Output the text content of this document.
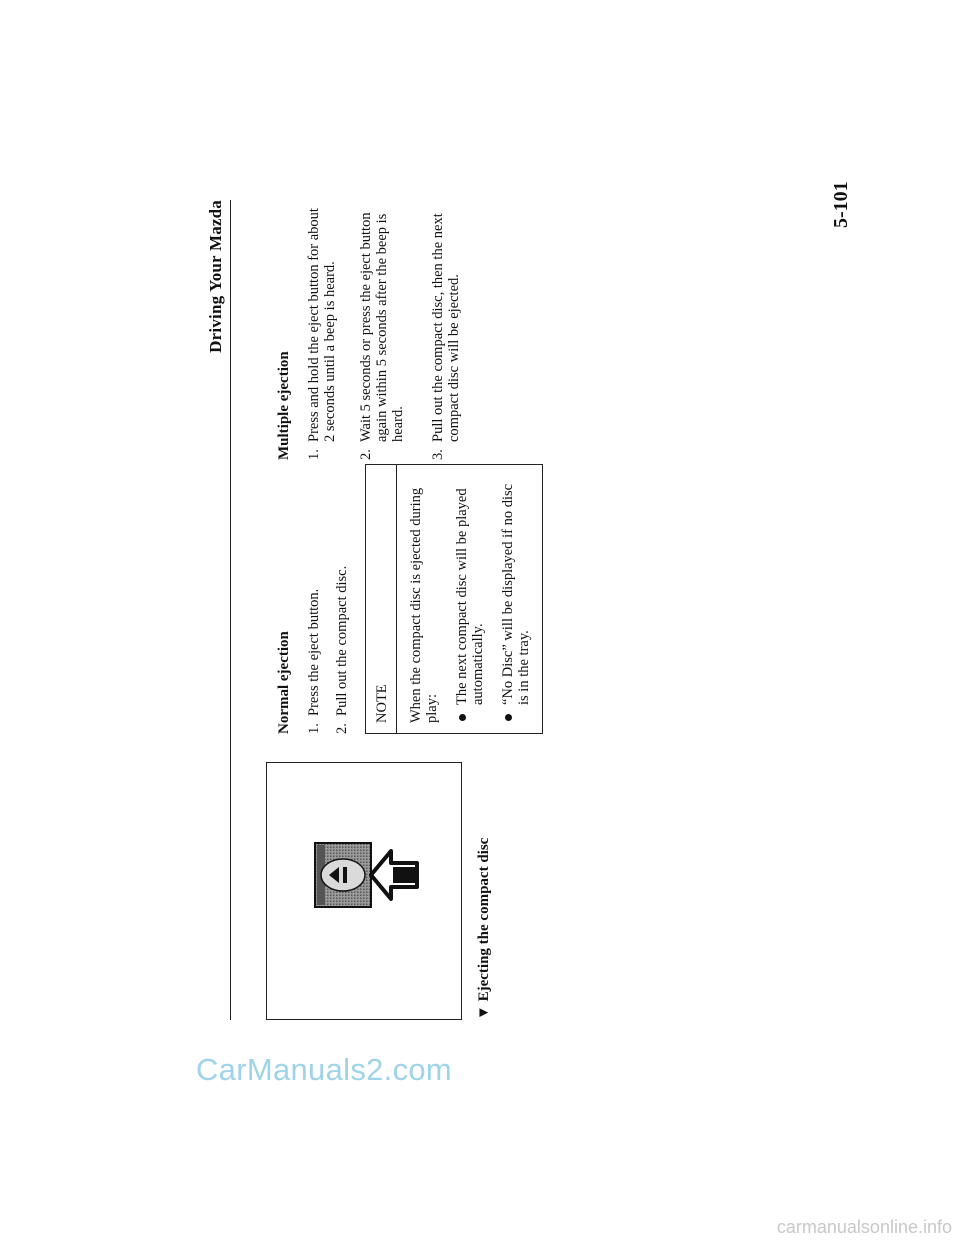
Driving Your Mazda
▼ Ejecting the compact disc
Normal ejection 1.
Press the eject button.
2.
Pull out the compact disc. NOTE When the compact disc is ejected during play:
The next compact disc will be played automatically. “No Disc” will be displayed if no disc is in the tray.
Multiple ejection 1.
Press and hold the eject button for about 2 seconds until a beep is heard.
2.
Wait 5 seconds or press the eject button again within 5 seconds after the beep is heard.
3.
Pull out the compact disc, then the next compact disc will be ejected.
5-101
CarManuals2.com
carmanualsonline.info
